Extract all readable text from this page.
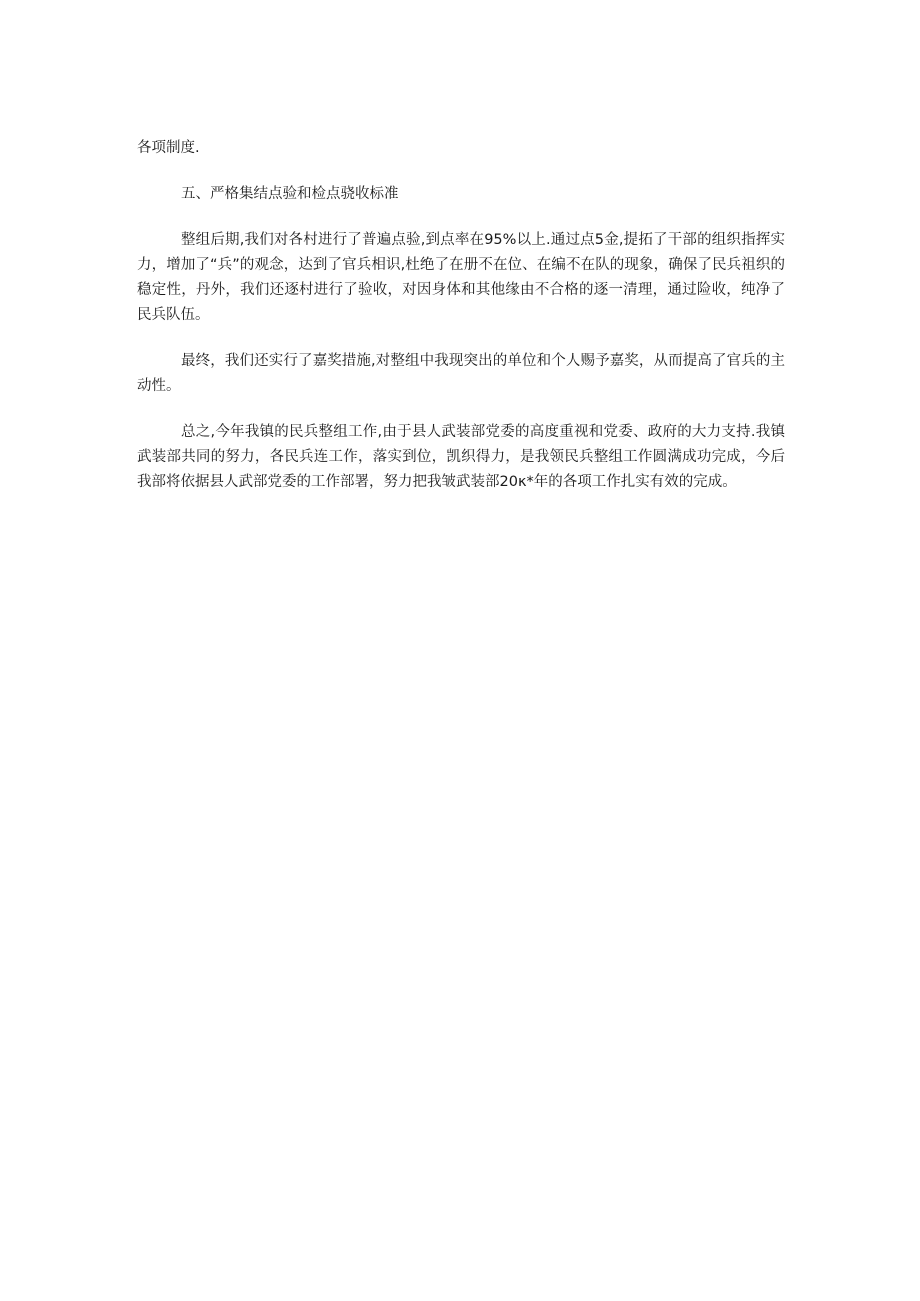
各项制度.

五、严格集结点验和检点骁收标准

整组后期,我们对各村进行了普遍点验,到点率在95%以上.通过点5金,提拓了干部的组织指挥实力，增加了“兵”的观念，达到了官兵相识,杜绝了在册不在位、在编不在队的现象，确保了民兵祖织的稳定性，丹外，我们还逐村进行了验收，对因身体和其他缘由不合格的逐一清理，通过险收，纯净了民兵队伍。

最终，我们还实行了嘉奖措施,对整组中我现突出的单位和个人赐予嘉奖，从而提高了官兵的主动性。

总之,今年我镇的民兵整组工作,由于县人武装部党委的高度重视和党委、政府的大力支持.我镇武装部共同的努力，各民兵连工作，落实到位，凯织得力，是我领民兵整组工作圆满成功完成，今后我部将依据县人武部党委的工作部署，努力把我皱武装部20κ*年的各项工作扎实有效的完成。
